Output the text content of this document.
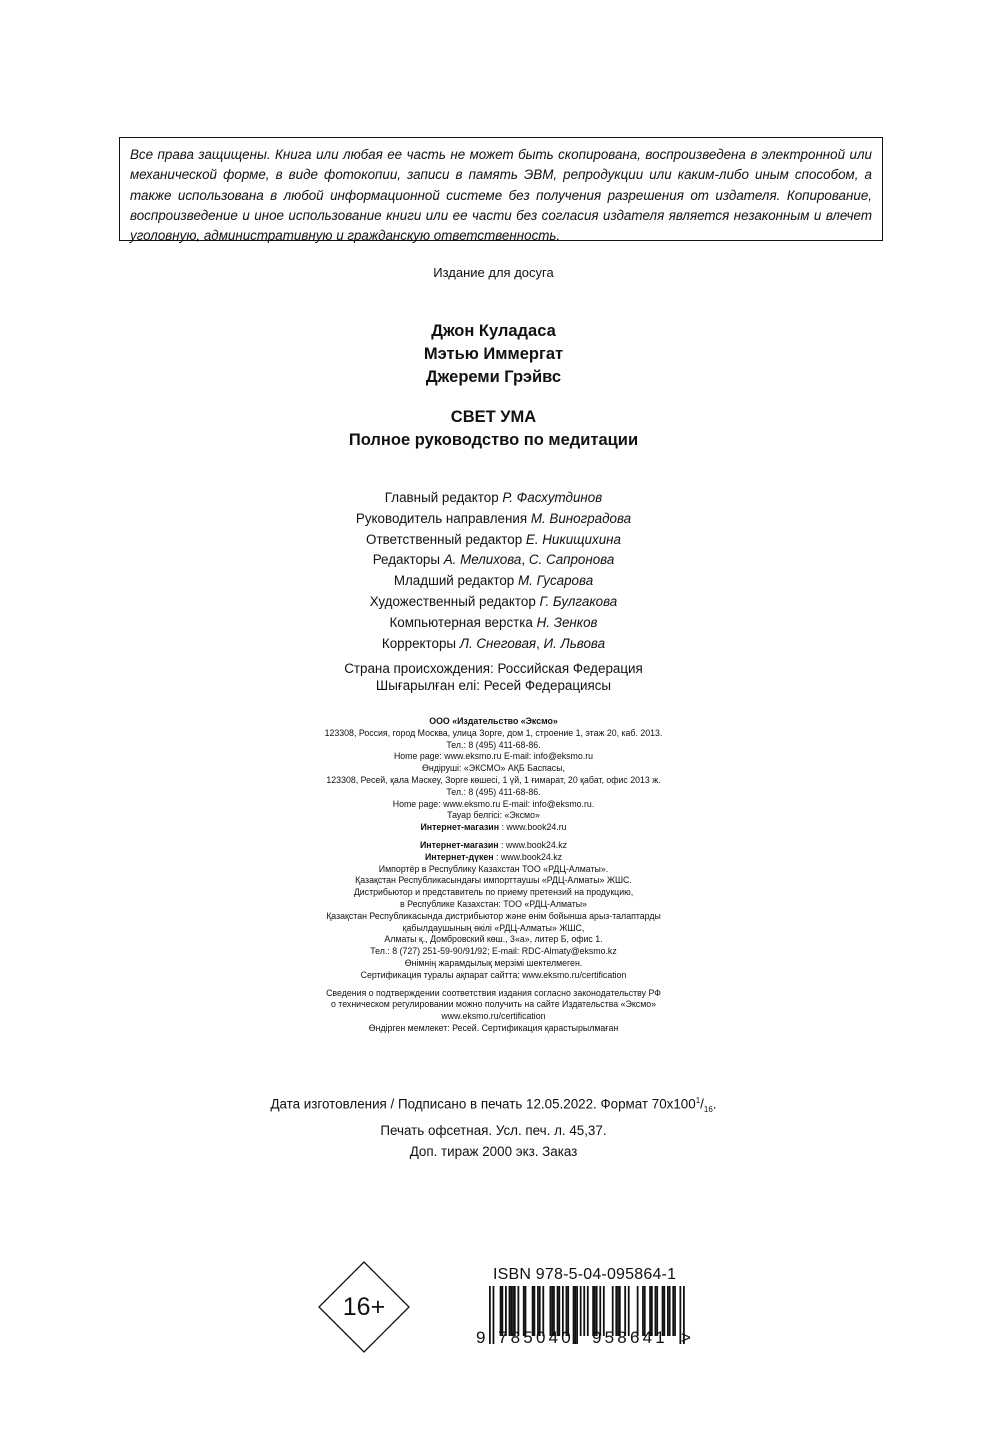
Все права защищены. Книга или любая ее часть не может быть скопирована, воспроизведена в электронной или механической форме, в виде фотокопии, записи в память ЭВМ, репродукции или каким-либо иным способом, а также использована в любой информационной системе без получения разрешения от издателя. Копирование, воспроизведение и иное использование книги или ее части без согласия издателя является незаконным и влечет уголовную, административную и гражданскую ответственность.
Издание для досуга
Джон Куладаса
Мэтью Иммергат
Джереми Грэйвс
СВЕТ УМА
Полное руководство по медитации
Главный редактор Р. Фасхутдинов
Руководитель направления М. Виноградова
Ответственный редактор Е. Никищихина
Редакторы А. Мелихова, С. Сапронова
Младший редактор М. Гусарова
Художественный редактор Г. Булгакова
Компьютерная верстка Н. Зенков
Корректоры Л. Снеговая, И. Львова
Страна происхождения: Российская Федерация
Шығарылған елі: Ресей Федерациясы
ООО «Издательство «Эксмо»
123308, Россия, город Москва, улица Зорге, дом 1, строение 1, этаж 20, каб. 2013.
Тел.: 8 (495) 411-68-86.
Home page: www.eksmo.ru E-mail: info@eksmo.ru
Өндіруші: «ЭКСМО» АҚБ Баспасы,
123308, Ресей, қала Мәскеу, Зорге көшесі, 1 үй, 1 ғимарат, 20 қабат, офис 2013 ж.
Тел.: 8 (495) 411-68-86.
Home page: www.eksmo.ru E-mail: info@eksmo.ru.
Тауар белгісі: «Эксмо»
Интернет-магазин : www.book24.ru
Интернет-магазин : www.book24.kz
Интернет-дүкен : www.book24.kz
Импортёр в Республику Казахстан ТОО «РДЦ-Алматы».
Қазақстан Республикасындағы импорттаушы «РДЦ-Алматы» ЖШС.
Дистрибьютор и представитель по приему претензий на продукцию,
в Республике Казахстан: ТОО «РДЦ-Алматы»
Қазақстан Республикасында дистрибьютор және өнім бойынша арыз-талаптарды
қабылдаушының өкілі «РДЦ-Алматы» ЖШС,
Алматы қ., Домбровский көш., 3«а», литер Б, офис 1.
Тел.: 8 (727) 251-59-90/91/92; E-mail: RDC-Almaty@eksmo.kz
Өнімнің жарамдылық мерзімі шектелмеген.
Сертификация туралы ақпарат сайтта: www.eksmo.ru/certification
Сведения о подтверждении соответствия издания согласно законодательству РФ
о техническом регулировании можно получить на сайте Издательства «Эксмо»
www.eksmo.ru/certification
Өндірген мемлекет: Ресей. Сертификация қарастырылмаған
Дата изготовления / Подписано в печать 12.05.2022. Формат $70х100^1/_{16}$.
Печать офсетная. Усл. печ. л. 45,37.
Доп. тираж 2000 экз. Заказ
16+
ISBN 978-5-04-095864-1
9 785040 958641 >
